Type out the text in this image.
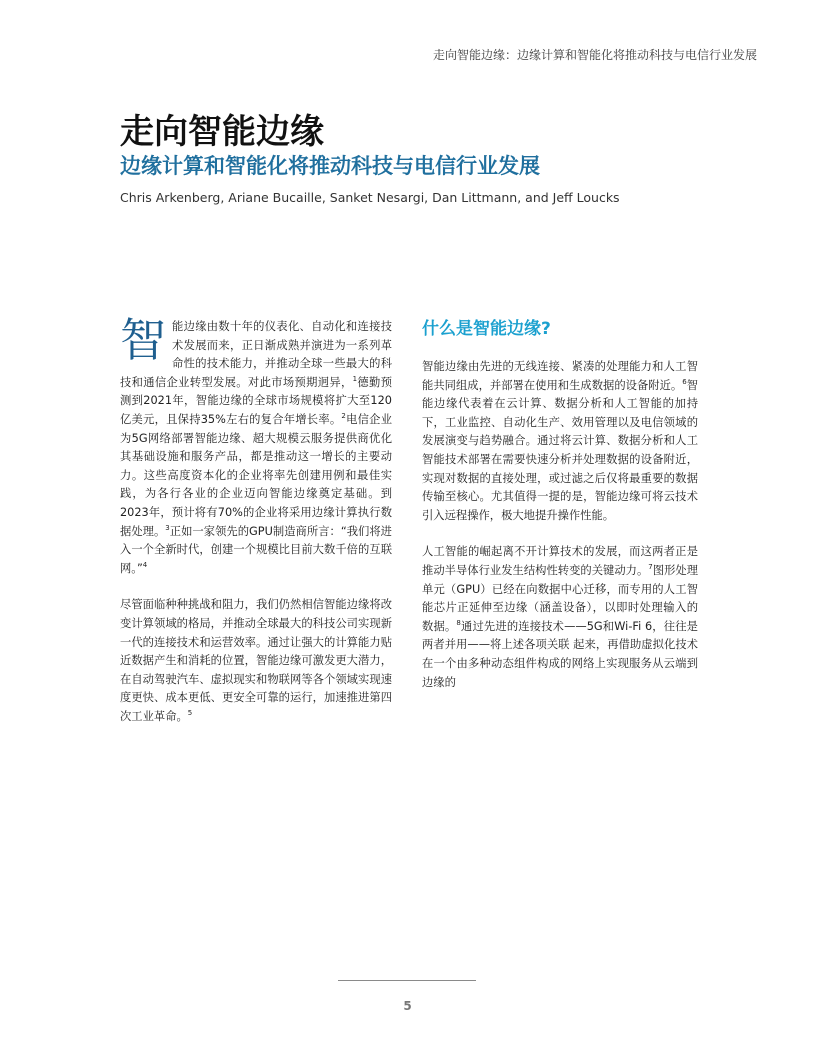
走向智能边缘：边缘计算和智能化将推动科技与电信行业发展
走向智能边缘
边缘计算和智能化将推动科技与电信行业发展
Chris Arkenberg, Ariane Bucaille, Sanket Nesargi, Dan Littmann, and Jeff Loucks

智能边缘由数十年的仪表化、自动化和连接技术发展而来，正日渐成熟并演进为一系列革命性的技术能力，并推动全球一些最大的科技和通信企业转型发展。对此市场预期迥异，$^1$德勤预测到2021年，智能边缘的全球市场规模将扩大至120亿美元，且保持35%左右的复合年增长率。$^2$电信企业为5G网络部署智能边缘、超大规模云服务提供商优化其基础设施和服务产品，都是推动这一增长的主要动力。这些高度资本化的企业将率先创建用例和最佳实践，为各行各业的企业迈向智能边缘奠定基础。到2023年，预计将有70%的企业将采用边缘计算执行数据处理。$^3$正如一家领先的GPU制造商所言：“我们将进入一个全新时代，创建一个规模比目前大数千倍的互联网。”$^4$

尽管面临种种挑战和阻力，我们仍然相信智能边缘将改变计算领域的格局，并推动全球最大的科技公司实现新一代的连接技术和运营效率。通过让强大的计算能力贴近数据产生和消耗的位置，智能边缘可激发更大潜力，在自动驾驶汽车、虚拟现实和物联网等各个领域实现速度更快、成本更低、更安全可靠的运行，加速推进第四次工业革命。$^5$

什么是智能边缘?

智能边缘由先进的无线连接、紧凑的处理能力和人工智能共同组成，并部署在使用和生成数据的设备附近。$^6$智能边缘代表着在云计算、数据分析和人工智能的加持下，工业监控、自动化生产、效用管理以及电信领域的发展演变与趋势融合。通过将云计算、数据分析和人工智能技术部署在需要快速分析并处理数据的设备附近，实现对数据的直接处理，或过滤之后仅将最重要的数据传输至核心。尤其值得一提的是，智能边缘可将云技术引入远程操作，极大地提升操作性能。

人工智能的崛起离不开计算技术的发展，而这两者正是推动半导体行业发生结构性转变的关键动力。$^7$图形处理单元（GPU）已经在向数据中心迁移，而专用的人工智能芯片正延伸至边缘（涵盖设备），以即时处理输入的数据。$^8$通过先进的连接技术——5G和Wi-Fi 6，往往是两者并用——将上述各项关联 起来，再借助虚拟化技术在一个由多种动态组件构成的网络上实现服务从云端到边缘的

5
